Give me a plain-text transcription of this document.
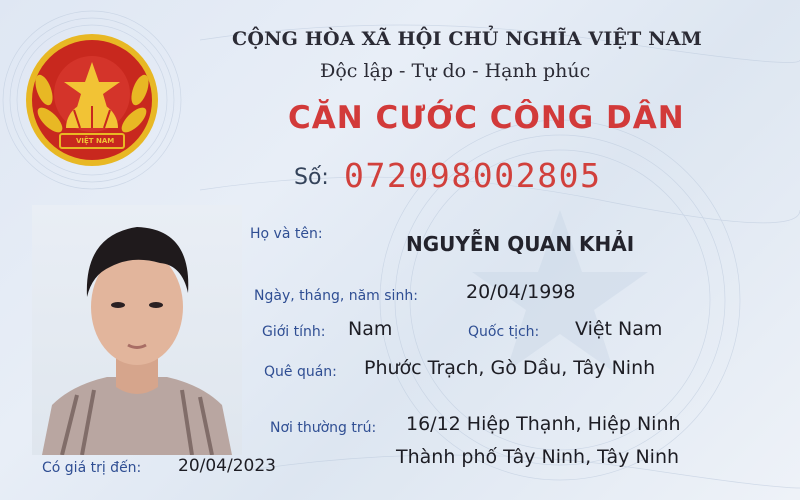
VIỆT NAM
CỘNG HÒA XÃ HỘI CHỦ NGHĨA VIỆT NAM
Độc lập - Tự do - Hạnh phúc
CĂN CƯỚC CÔNG DÂN
Số: 072098002805
Họ và tên:	NGUYỄN QUAN KHẢI
Ngày, tháng, năm sinh:	20/04/1998
Giới tính: Nam	Quốc tịch: Việt Nam
Quê quán: Phước Trạch, Gò Dầu, Tây Ninh
Nơi thường trú: 16/12 Hiệp Thạnh, Hiệp Ninh
Thành phố Tây Ninh, Tây Ninh
Có giá trị đến: 20/04/2023
